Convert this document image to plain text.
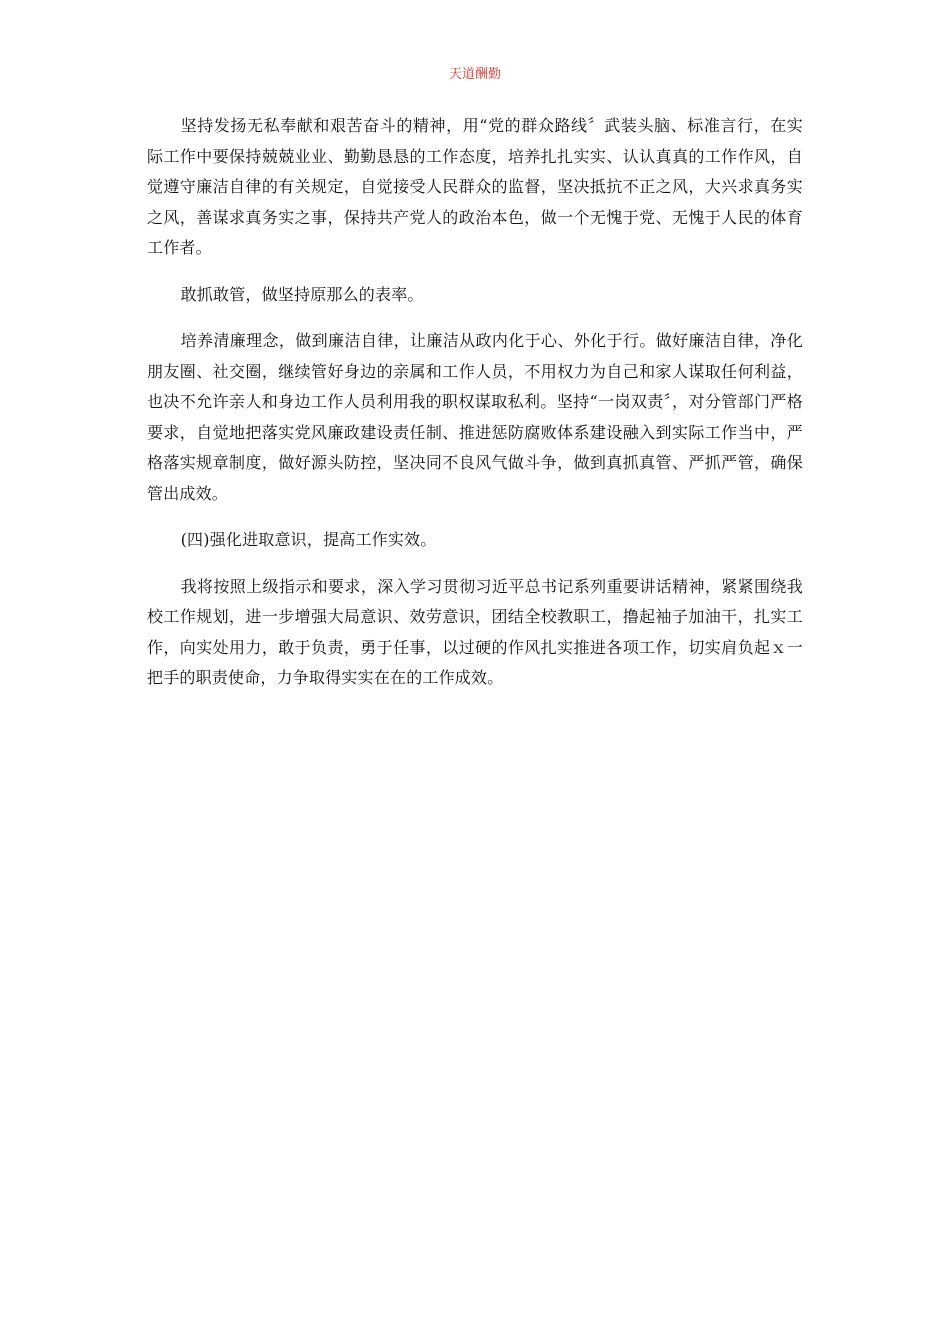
天道酬勤

坚持发扬无私奉献和艰苦奋斗的精神，用“党的群众路线〞武装头脑、标准言行，在实际工作中要保持兢兢业业、勤勤恳恳的工作态度，培养扎扎实实、认认真真的工作作风，自觉遵守廉洁自律的有关规定，自觉接受人民群众的监督，坚决抵抗不正之风，大兴求真务实之风，善谋求真务实之事，保持共产党人的政治本色，做一个无愧于党、无愧于人民的体育工作者。

敢抓敢管，做坚持原那么的表率。

培养清廉理念，做到廉洁自律，让廉洁从政内化于心、外化于行。做好廉洁自律，净化朋友圈、社交圈，继续管好身边的亲属和工作人员，不用权力为自己和家人谋取任何利益，也决不允许亲人和身边工作人员利用我的职权谋取私利。坚持“一岗双责〞，对分管部门严格要求，自觉地把落实党风廉政建设责任制、推进惩防腐败体系建设融入到实际工作当中，严格落实规章制度，做好源头防控，坚决同不良风气做斗争，做到真抓真管、严抓严管，确保管出成效。

(四)强化进取意识，提高工作实效。

我将按照上级指示和要求，深入学习贯彻习近平总书记系列重要讲话精神，紧紧围绕我校工作规划，进一步增强大局意识、效劳意识，团结全校教职工，撸起袖子加油干，扎实工作，向实处用力，敢于负责，勇于任事，以过硬的作风扎实推进各项工作，切实肩负起ｘ一把手的职责使命，力争取得实实在在的工作成效。
